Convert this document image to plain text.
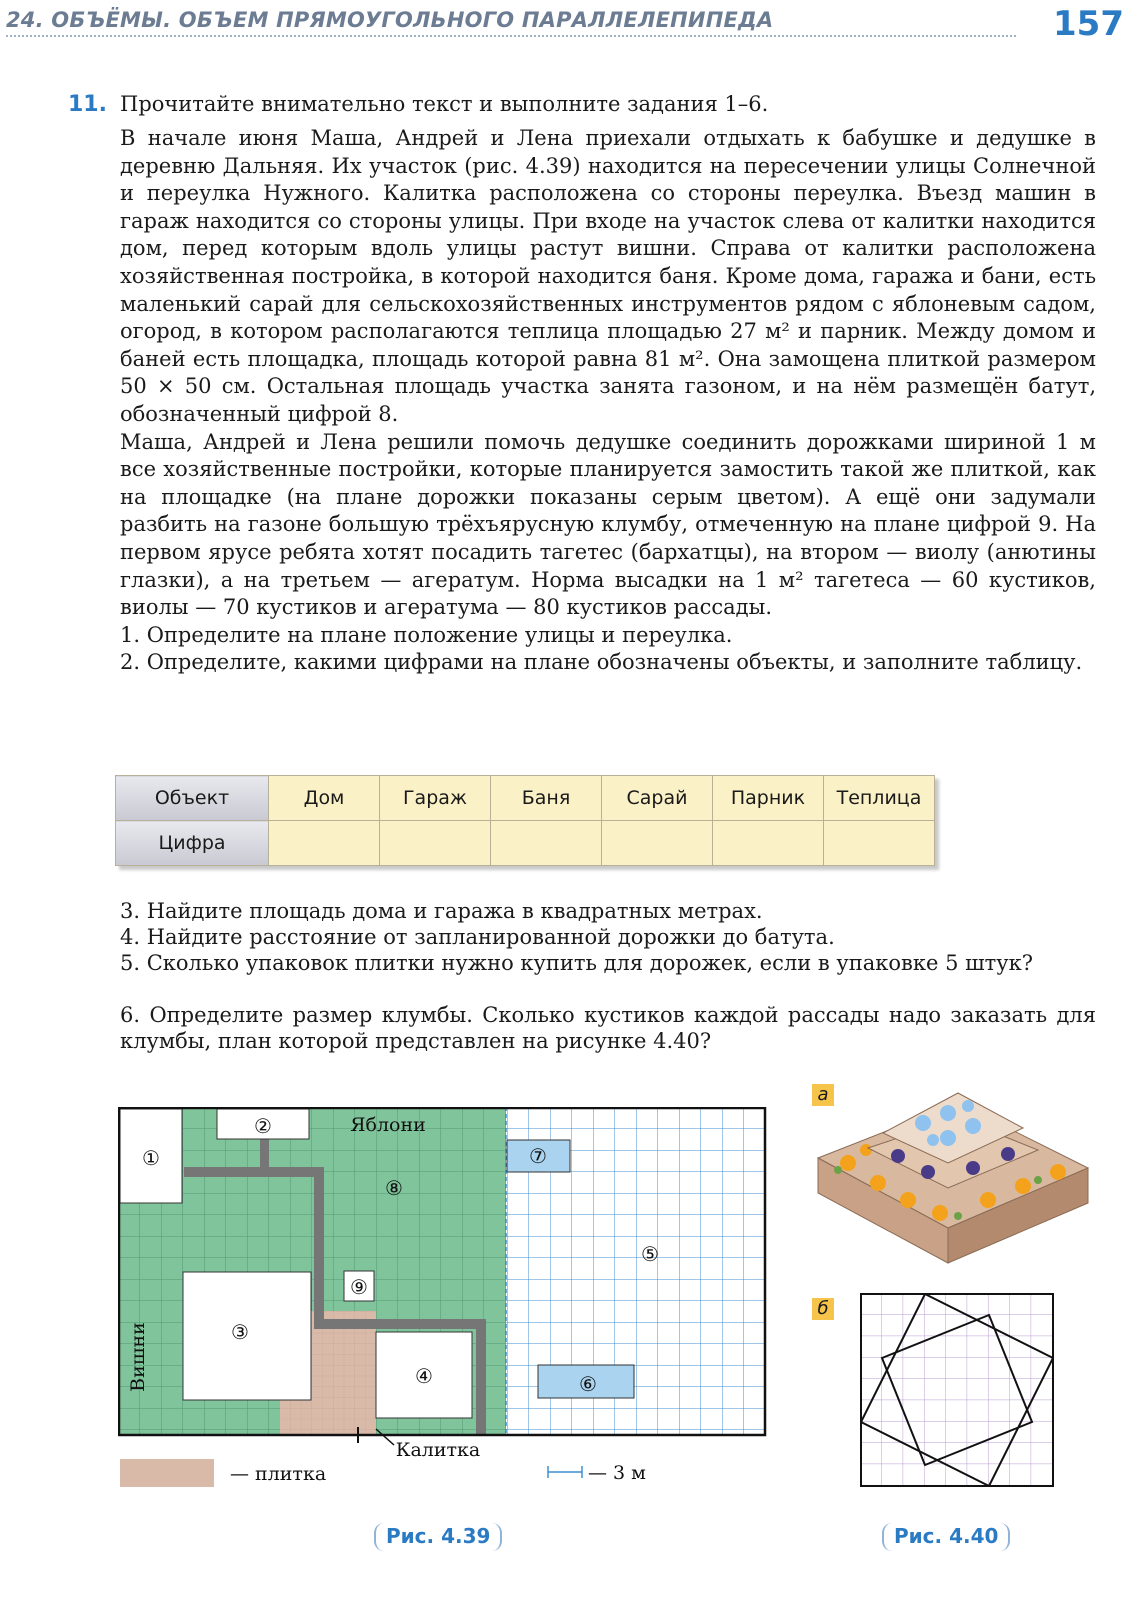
24. ОБЪЁМЫ. ОБЪЕМ ПРЯМОУГОЛЬНОГО ПАРАЛЛЕЛЕПИПЕДА	157
11. Прочитайте внимательно текст и выполните задания 1–6.

В начале июня Маша, Андрей и Лена приехали отдыхать к бабушке и дедушке в деревню Дальняя. Их участок (рис. 4.39) находится на пересечении улицы Солнечной и переулка Нужного. Калитка расположена со стороны переулка. Въезд машин в гараж находится со стороны улицы. При входе на участок слева от калитки находится дом, перед которым вдоль улицы растут вишни. Справа от калитки расположена хозяйственная постройка, в которой находится баня. Кроме дома, гаража и бани, есть маленький сарай для сельскохозяйственных инструментов рядом с яблоневым садом, огород, в котором располагаются теплица площадью 27 м² и парник. Между домом и баней есть площадка, площадь которой равна 81 м². Она замощена плиткой размером 50 × 50 см. Остальная площадь участка занята газоном, и на нём размещён батут, обозначенный цифрой 8.

Маша, Андрей и Лена решили помочь дедушке соединить дорожками шириной 1 м все хозяйственные постройки, которые планируется замостить такой же плиткой, как на площадке (на плане дорожки показаны серым цветом). А ещё они задумали разбить на газоне большую трёхъярусную клумбу, отмеченную на плане цифрой 9. На первом ярусе ребята хотят посадить тагетес (бархатцы), на втором — виолу (анютины глазки), а на третьем — агератум. Норма высадки на 1 м² тагетеса — 60 кустиков, виолы — 70 кустиков и агератума — 80 кустиков рассады.

1. Определите на плане положение улицы и переулка.

2. Определите, какими цифрами на плане обозначены объекты, и заполните таблицу.

Объект	Дом	Гараж	Баня	Сарай	Парник	Теплица
Цифра						
3. Найдите площадь дома и гаража в квадратных метрах.
4. Найдите расстояние от запланированной дорожки до батута.
5. Сколько упаковок плитки нужно купить для дорожек, если в упаковке 5 штук?
6. Определите размер клумбы. Сколько кустиков каждой рассады надо заказать для клумбы, план которой представлен на рисунке 4.40?
①
②
③
④
⑤
⑥
⑦
⑧
⑨
Яблони
Калитка
Вишни
— плитка	— 3 м
а
б
Рис. 4.39	Рис. 4.40
